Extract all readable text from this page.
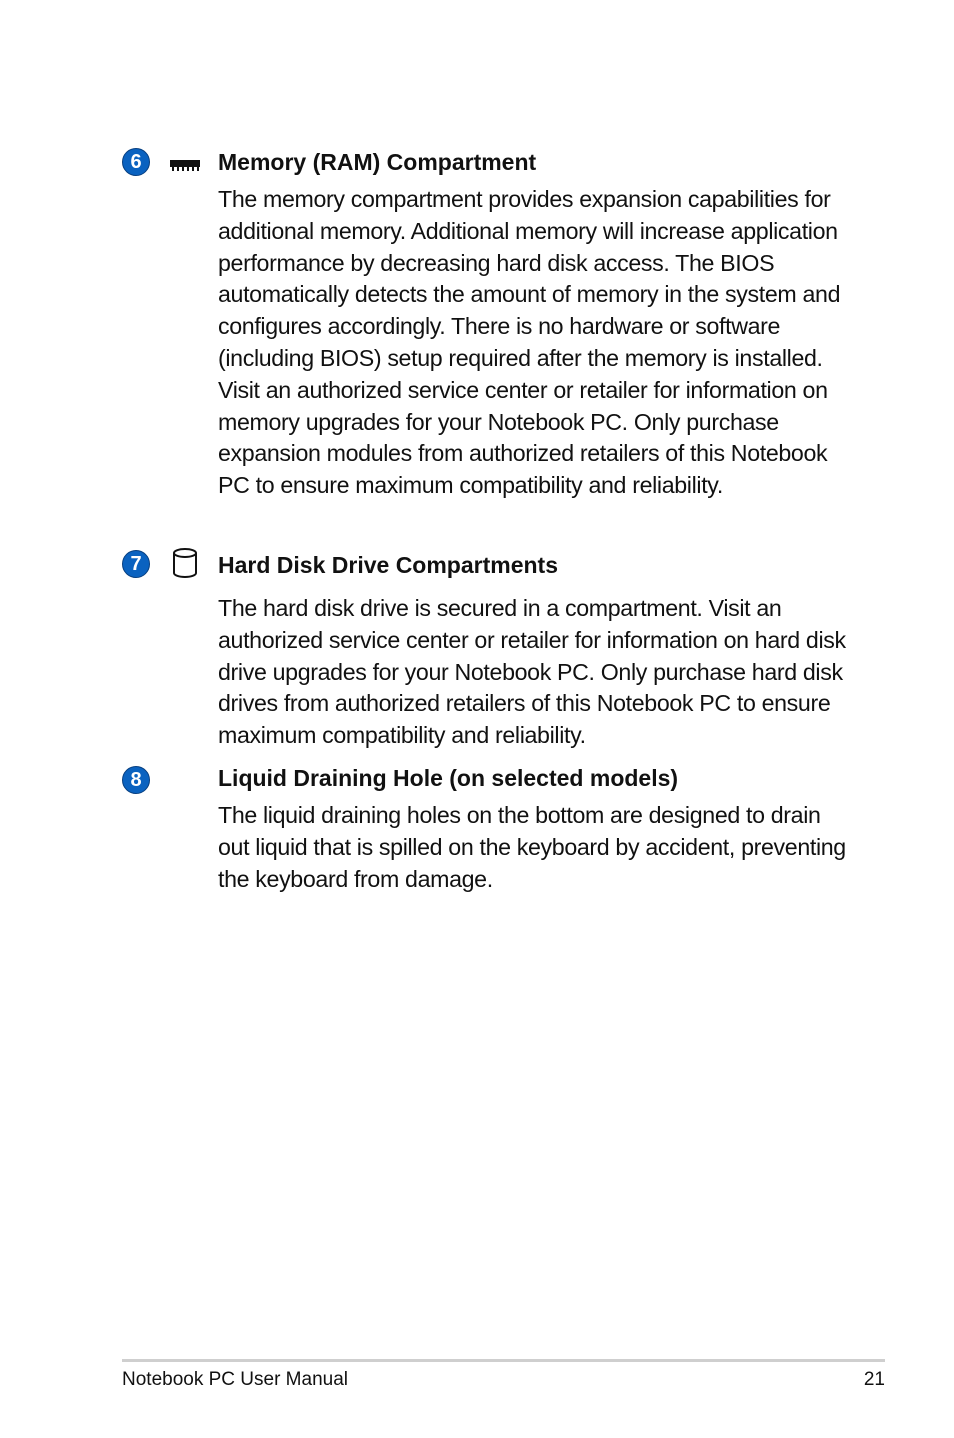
6	Memory (RAM) Compartment

The memory compartment provides expansion capabilities for additional memory. Additional memory will increase application performance by decreasing hard disk access. The BIOS automatically detects the amount of memory in the system and configures accordingly. There is no hardware or software (including BIOS) setup required after the memory is installed. Visit an authorized service center or retailer for information on memory upgrades for your Notebook PC. Only purchase expansion modules from authorized retailers of this Notebook PC to ensure maximum compatibility and reliability.

7	Hard Disk Drive Compartments

The hard disk drive is secured in a compartment. Visit an authorized service center or retailer for information on hard disk drive upgrades for your Notebook PC. Only purchase hard disk drives from authorized retailers of this Notebook PC to ensure maximum compatibility and reliability.

8	Liquid Draining Hole (on selected models)

The liquid draining holes on the bottom are designed to drain out liquid that is spilled on the keyboard by accident, preventing the keyboard from damage.

Notebook PC User Manual	21
